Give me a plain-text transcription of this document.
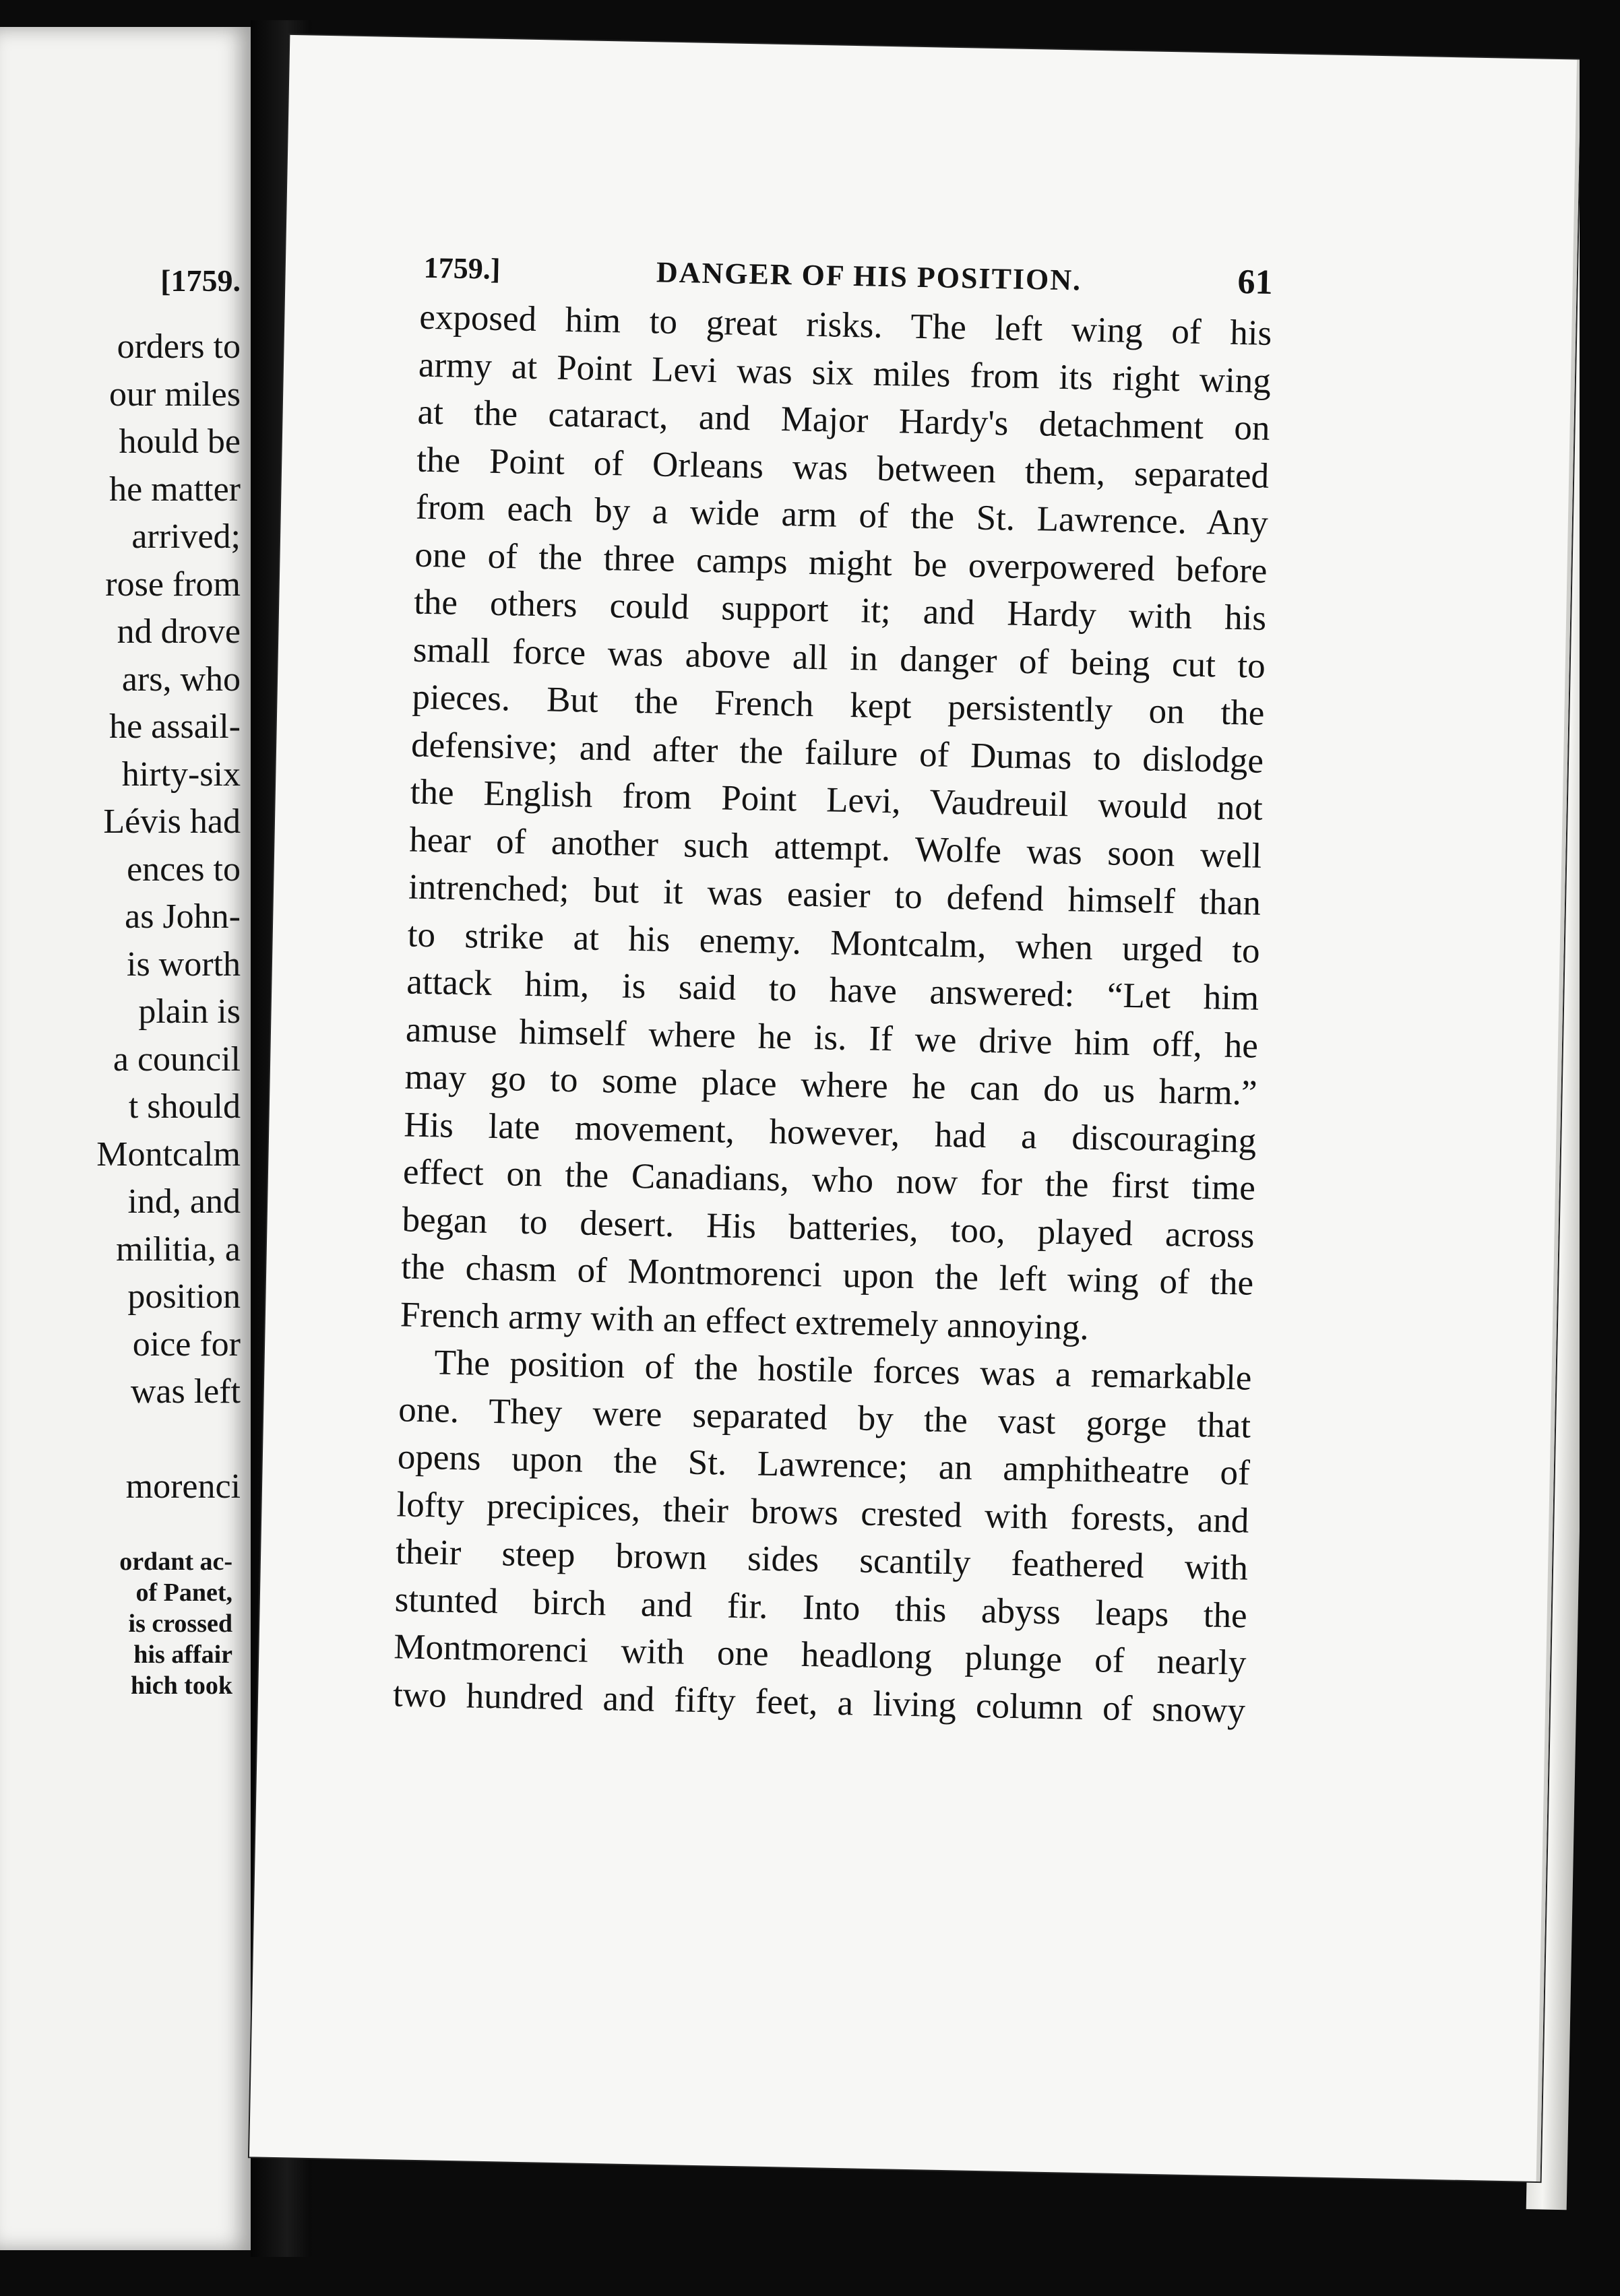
[1759.
orders to
our miles
hould be
he matter
arrived;
rose from
nd drove
ars, who
he assail-
hirty-six
Lévis had
ences to
as John-
is worth
plain is
a council
t should
Montcalm
ind, and
militia, a
position
oice for
was left

morenci
ordant ac-
of Panet,
is crossed
his affair
hich took
1759.]	DANGER OF HIS POSITION.	61
exposed him to great risks. The left wing of his
army at Point Levi was six miles from its right wing
at the cataract, and Major Hardy's detachment on
the Point of Orleans was between them, separated
from each by a wide arm of the St. Lawrence. Any
one of the three camps might be overpowered before
the others could support it; and Hardy with his
small force was above all in danger of being cut to
pieces. But the French kept persistently on the
defensive; and after the failure of Dumas to dislodge
the English from Point Levi, Vaudreuil would not
hear of another such attempt. Wolfe was soon well
intrenched; but it was easier to defend himself than
to strike at his enemy. Montcalm, when urged to
attack him, is said to have answered: “Let him
amuse himself where he is. If we drive him off, he
may go to some place where he can do us harm.”
His late movement, however, had a discouraging
effect on the Canadians, who now for the first time
began to desert. His batteries, too, played across
the chasm of Montmorenci upon the left wing of the
French army with an effect extremely annoying.
The position of the hostile forces was a remarkable
one. They were separated by the vast gorge that
opens upon the St. Lawrence; an amphitheatre of
lofty precipices, their brows crested with forests, and
their steep brown sides scantily feathered with
stunted birch and fir. Into this abyss leaps the
Montmorenci with one headlong plunge of nearly
two hundred and fifty feet, a living column of snowy
